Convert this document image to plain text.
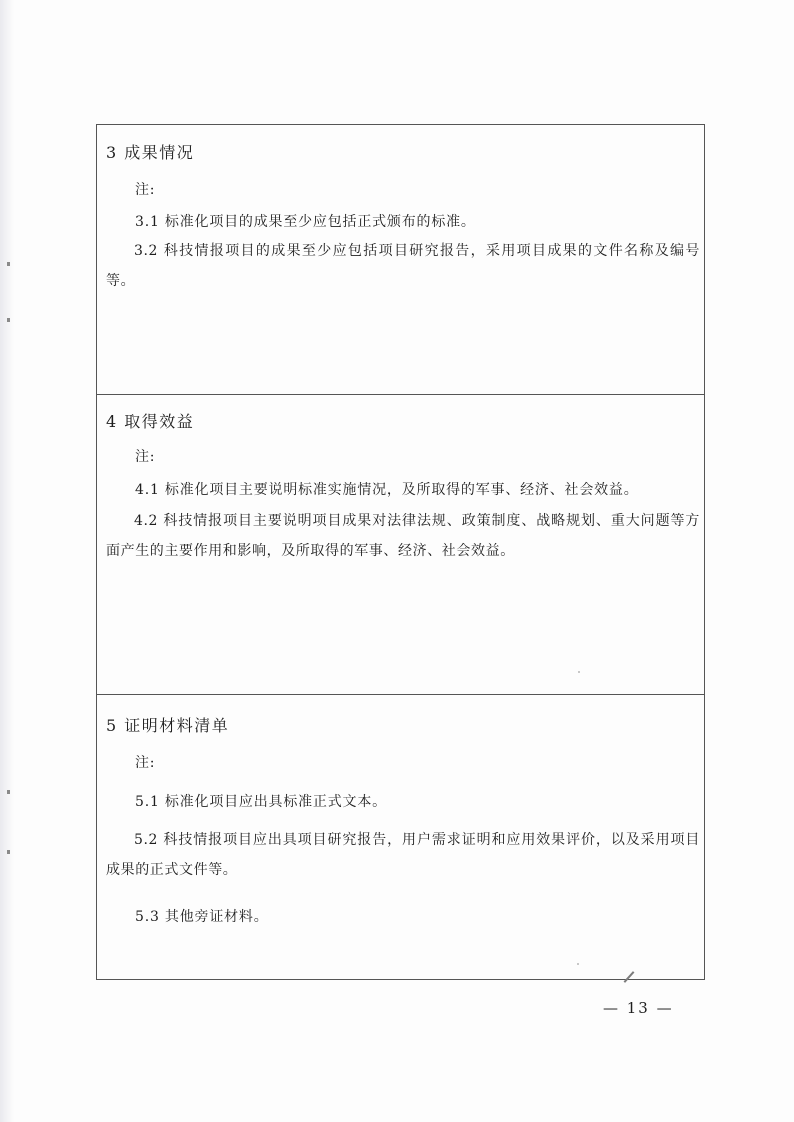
3 成果情况
注:
3.1 标准化项目的成果至少应包括正式颁布的标准。
3.2 科技情报项目的成果至少应包括项目研究报告，采用项目成果的文件名称及编号等。
4 取得效益
注:
4.1 标准化项目主要说明标准实施情况，及所取得的军事、经济、社会效益。
4.2 科技情报项目主要说明项目成果对法律法规、政策制度、战略规划、重大问题等方面产生的主要作用和影响，及所取得的军事、经济、社会效益。
5 证明材料清单
注:
5.1 标准化项目应出具标准正式文本。
5.2 科技情报项目应出具项目研究报告，用户需求证明和应用效果评价，以及采用项目成果的正式文件等。
5.3 其他旁证材料。
— 13 —
